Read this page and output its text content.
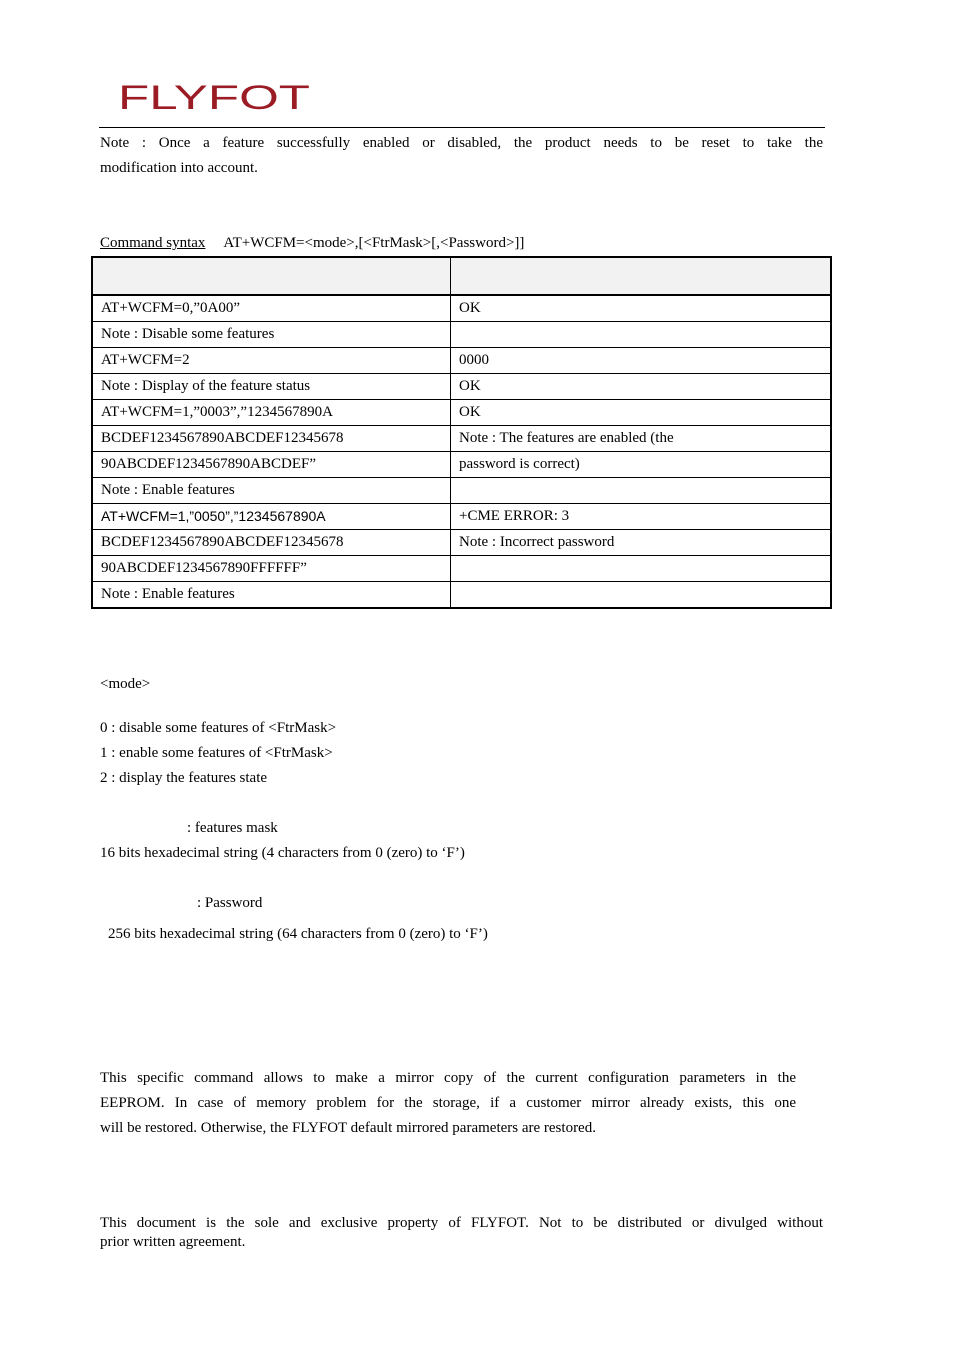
FLYFOT
Note : Once a feature successfully enabled or disabled, the product needs to be reset to take the
modification into account.
Command syntax AT+WCFM=<mode>,[<FtrMask>[,<Password>]]

AT+WCFM=0,”0A00”	OK
Note : Disable some features	
AT+WCFM=2	0000
Note : Display of the feature status	OK
AT+WCFM=1,”0003”,”1234567890A	OK
BCDEF1234567890ABCDEF12345678	Note : The features are enabled (the
90ABCDEF1234567890ABCDEF”	password is correct)
Note : Enable features	
AT+WCFM=1,”0050”,”1234567890A	+CME ERROR: 3
BCDEF1234567890ABCDEF12345678	Note : Incorrect password
90ABCDEF1234567890FFFFFF”	
Note : Enable features	
<mode>
0 : disable some features of <FtrMask>
1 : enable some features of <FtrMask>
2 : display the features state
: features mask
16 bits hexadecimal string (4 characters from 0 (zero) to ‘F’)
: Password
256 bits hexadecimal string (64 characters from 0 (zero) to ‘F’)
This specific command allows to make a mirror copy of the current configuration parameters in the
EEPROM. In case of memory problem for the storage, if a customer mirror already exists, this one
will be restored. Otherwise, the FLYFOT default mirrored parameters are restored.
This document is the sole and exclusive property of FLYFOT. Not to be distributed or divulged without
prior written agreement.
